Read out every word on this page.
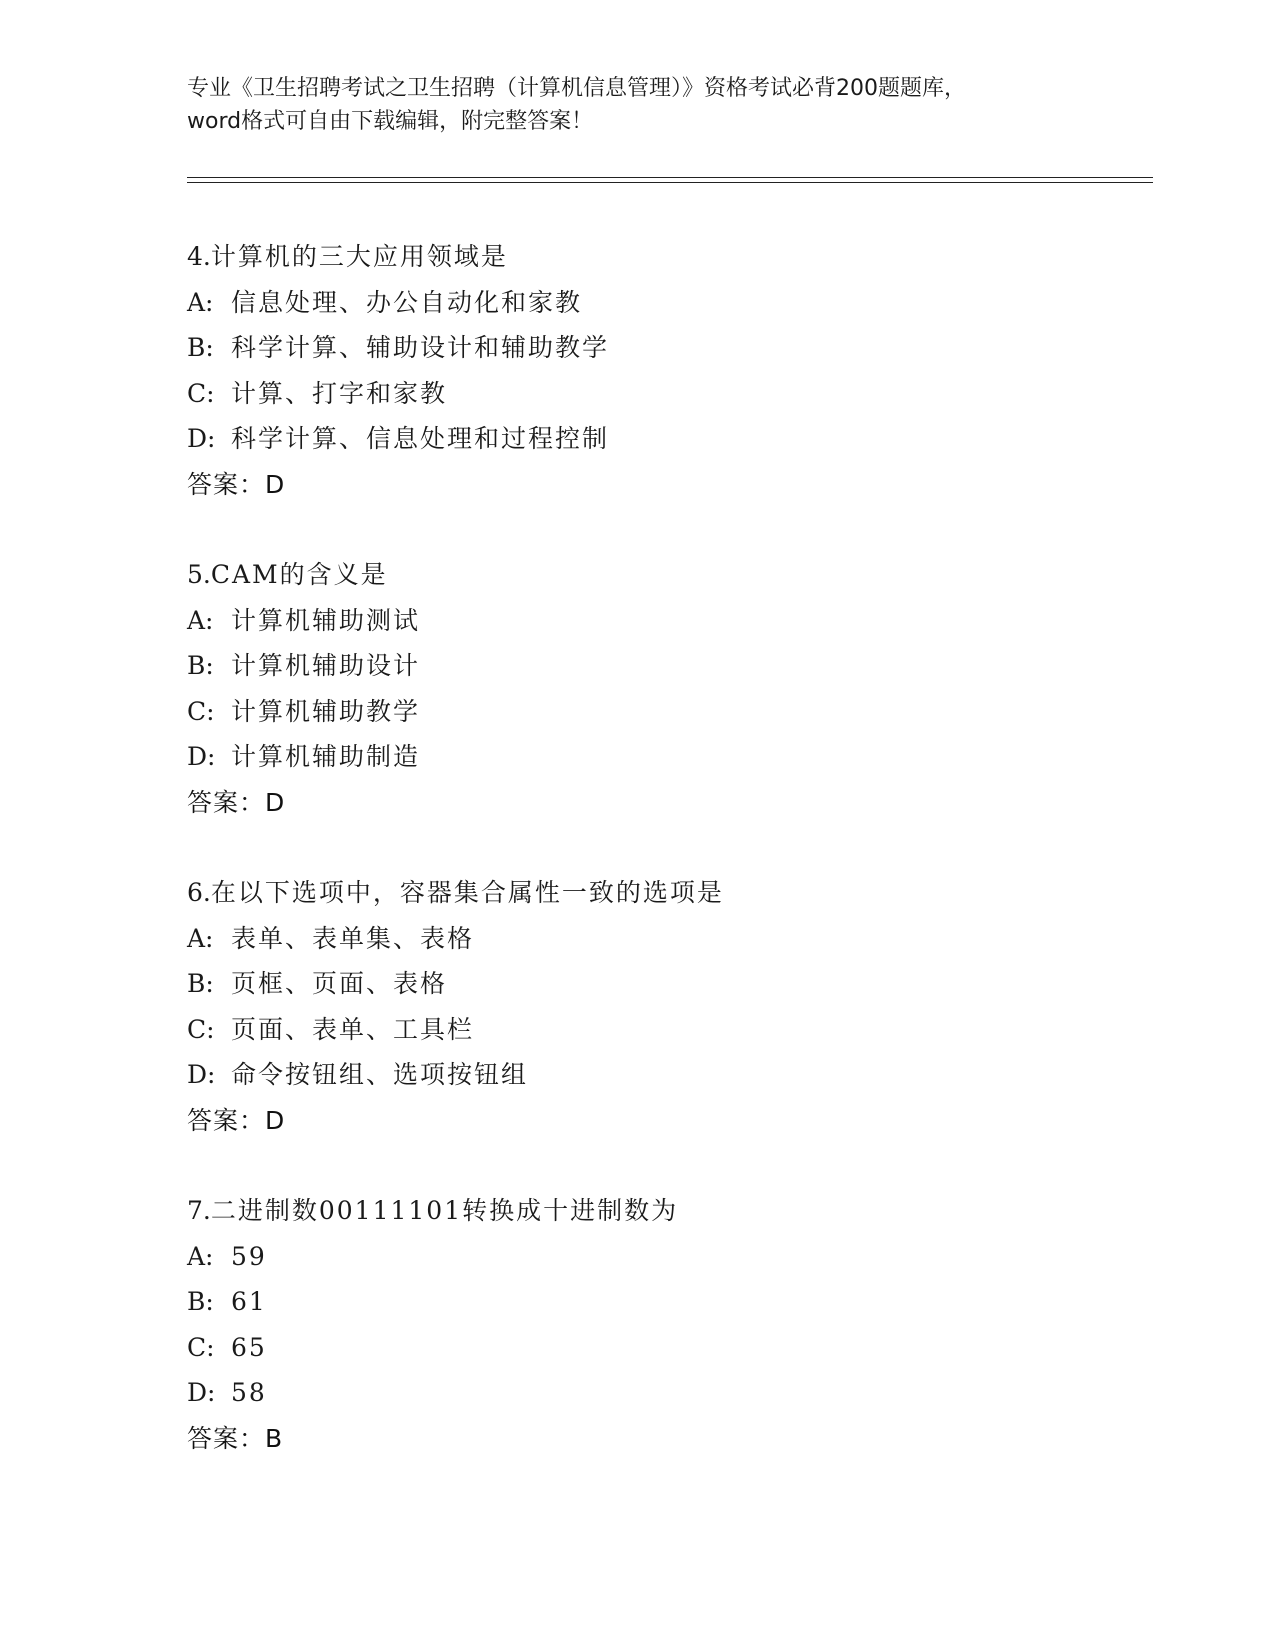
专业《卫生招聘考试之卫生招聘（计算机信息管理）》资格考试必背200题题库，
word格式可自由下载编辑，附完整答案！
4.计算机的三大应用领域是
A: 信息处理、办公自动化和家教
B: 科学计算、辅助设计和辅助教学
C: 计算、打字和家教
D: 科学计算、信息处理和过程控制
答案：D
5.CAM的含义是
A: 计算机辅助测试
B: 计算机辅助设计
C: 计算机辅助教学
D: 计算机辅助制造
答案：D
6.在以下选项中，容器集合属性一致的选项是
A: 表单、表单集、表格
B: 页框、页面、表格
C: 页面、表单、工具栏
D: 命令按钮组、选项按钮组
答案：D
7.二进制数00111101转换成十进制数为
A: 59
B: 61
C: 65
D: 58
答案：B
